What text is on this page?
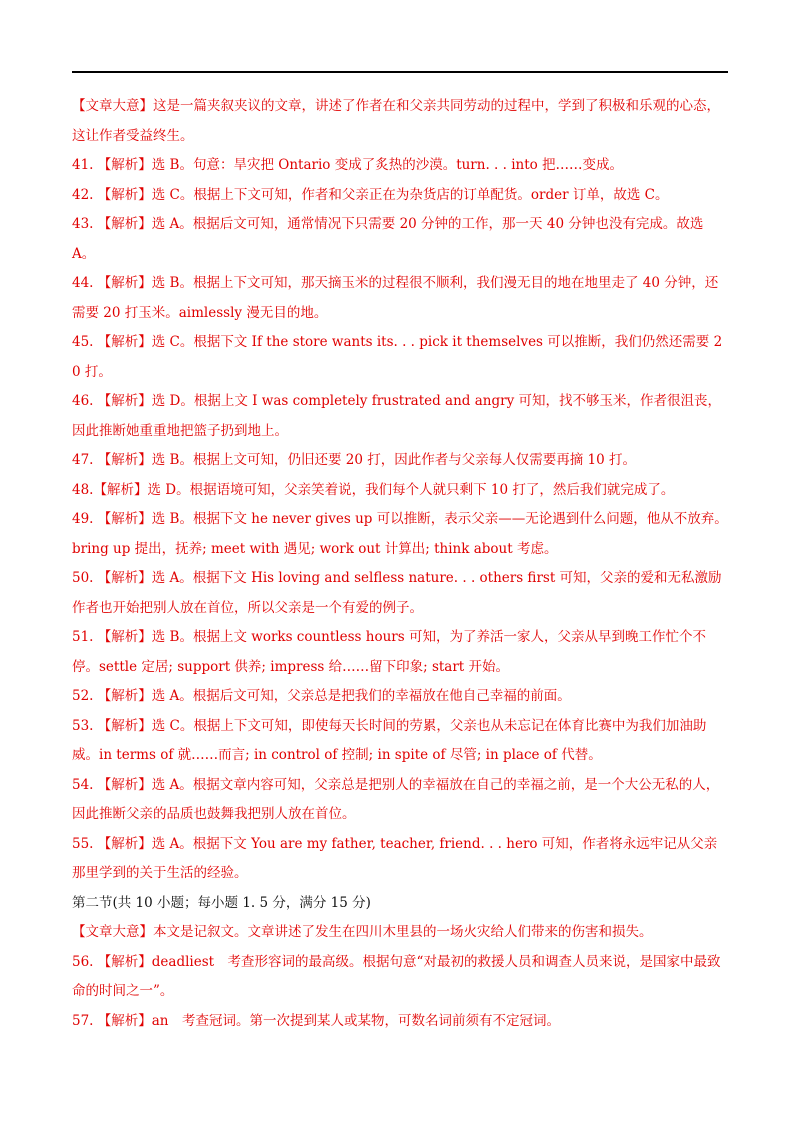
【文章大意】这是一篇夹叙夹议的文章，讲述了作者在和父亲共同劳动的过程中，学到了积极和乐观的心态，这让作者受益终生。

41. 【解析】选 B。句意：旱灾把 Ontario 变成了炙热的沙漠。turn. . . into 把……变成。

42. 【解析】选 C。根据上下文可知，作者和父亲正在为杂货店的订单配货。order 订单，故选 C。

43. 【解析】选 A。根据后文可知，通常情况下只需要 20 分钟的工作，那一天 40 分钟也没有完成。故选 A。

44. 【解析】选 B。根据上下文可知，那天摘玉米的过程很不顺利，我们漫无目的地在地里走了 40 分钟，还需要 20 打玉米。aimlessly 漫无目的地。

45. 【解析】选 C。根据下文 If the store wants its. . . pick it themselves 可以推断，我们仍然还需要 20 打。

46. 【解析】选 D。根据上文 I was completely frustrated and angry 可知，找不够玉米，作者很沮丧，因此推断她重重地把篮子扔到地上。

47. 【解析】选 B。根据上文可知，仍旧还要 20 打，因此作者与父亲每人仅需要再摘 10 打。

48.【解析】选 D。根据语境可知，父亲笑着说，我们每个人就只剩下 10 打了，然后我们就完成了。

49. 【解析】选 B。根据下文 he never gives up 可以推断，表示父亲——无论遇到什么问题，他从不放弃。bring up 提出，抚养; meet with 遇见; work out 计算出; think about 考虑。

50. 【解析】选 A。根据下文 His loving and selfless nature. . . others first 可知，父亲的爱和无私激励作者也开始把别人放在首位，所以父亲是一个有爱的例子。

51. 【解析】选 B。根据上文 works countless hours 可知，为了养活一家人，父亲从早到晚工作忙个不停。settle 定居; support 供养; impress 给……留下印象; start 开始。

52. 【解析】选 A。根据后文可知，父亲总是把我们的幸福放在他自己幸福的前面。

53. 【解析】选 C。根据上下文可知，即使每天长时间的劳累，父亲也从未忘记在体育比赛中为我们加油助威。in terms of 就……而言; in control of 控制; in spite of 尽管; in place of 代替。

54. 【解析】选 A。根据文章内容可知，父亲总是把别人的幸福放在自己的幸福之前，是一个大公无私的人，因此推断父亲的品质也鼓舞我把别人放在首位。

55. 【解析】选 A。根据下文 You are my father, teacher, friend. . . hero 可知，作者将永远牢记从父亲那里学到的关于生活的经验。

第二节(共 10 小题；每小题 1. 5 分，满分 15 分)

【文章大意】本文是记叙文。文章讲述了发生在四川木里县的一场火灾给人们带来的伤害和损失。

56. 【解析】deadliest　考查形容词的最高级。根据句意“对最初的救援人员和调查人员来说，是国家中最致命的时间之一”。

57. 【解析】an　考查冠词。第一次提到某人或某物，可数名词前须有不定冠词。
